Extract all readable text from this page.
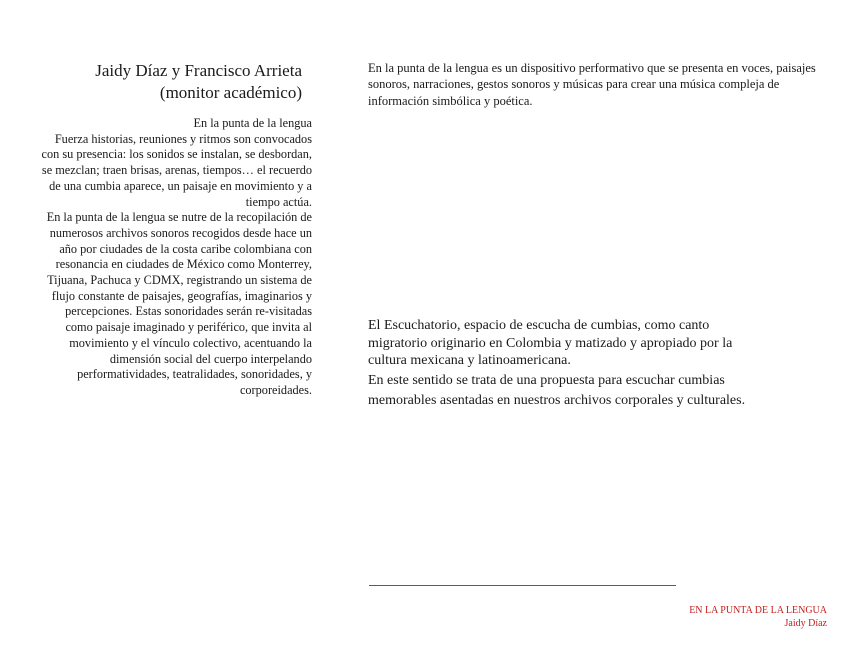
Jaidy Díaz y Francisco Arrieta
(monitor académico)

En la punta de la lengua

Fuerza historias, reuniones y ritmos son convocados con su presencia: los sonidos se instalan, se desbordan, se mezclan; traen brisas, arenas, tiempos… el recuerdo de una cumbia aparece, un paisaje en movimiento y a tiempo actúa.

En la punta de la lengua se nutre de la recopilación de numerosos archivos sonoros recogidos desde hace un año por ciudades de la costa caribe colombiana con resonancia en ciudades de México como Monterrey, Tijuana, Pachuca y CDMX, registrando un sistema de flujo constante de paisajes, geografías, imaginarios y percepciones. Estas sonoridades serán re-visitadas como paisaje imaginado y periférico, que invita al movimiento y el vínculo colectivo, acentuando la dimensión social del cuerpo interpelando performatividades, teatralidades, sonoridades, y corporeidades.

En la punta de la lengua es un dispositivo performativo que se presenta en voces, paisajes sonoros, narraciones, gestos sonoros y músicas para crear una música compleja de información simbólica y poética.

El Escuchatorio, espacio de escucha de cumbias, como canto migratorio originario en Colombia y matizado y apropiado por la cultura mexicana y latinoamericana.

En este sentido se trata de una propuesta para escuchar cumbias memorables asentadas en nuestros archivos corporales y culturales.

EN LA PUNTA DE LA LENGUA
Jaidy Díaz
